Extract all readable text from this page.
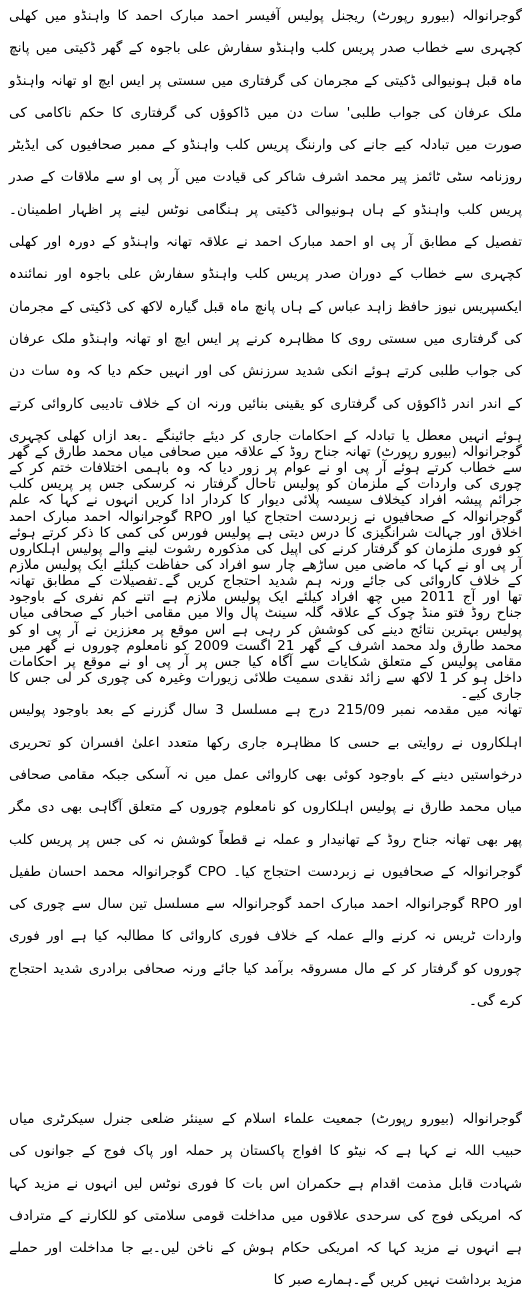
گوجرانوالہ (بیورو رپورٹ) ریجنل پولیس آفیسر احمد مبارک احمد کا واہنڈو میں کھلی کچہری سے خطاب صدر پریس کلب واہنڈو سفارش علی باجوہ کے گھر ڈکیتی میں پانچ ماہ قبل ہونیوالی ڈکیتی کے مجرمان کی گرفتاری میں سستی پر ایس ایچ او تھانہ واہنڈو ملک عرفان کی جواب طلبی' سات دن میں ڈاکوؤں کی گرفتاری کا حکم ناکامی کی صورت میں تبادلہ کیے جانے کی وارننگ پریس کلب واہنڈو کے ممبر صحافیوں کی ایڈیٹر روزنامہ سٹی ٹائمز پیر محمد اشرف شاکر کی قیادت میں آر پی او سے ملاقات کے صدر پریس کلب واہنڈو کے ہاں ہونیوالی ڈکیتی پر ہنگامی نوٹس لینے پر اظہار اطمینان۔تفصیل کے مطابق آر پی او احمد مبارک احمد نے علاقہ تھانہ واہنڈو کے دورہ اور کھلی کچہری سے خطاب کے دوران صدر پریس کلب واہنڈو سفارش علی باجوہ اور نمائندہ ایکسپریس نیوز حافظ زاہد عباس کے ہاں پانچ ماہ قبل گیارہ لاکھ کی ڈکیتی کے مجرمان کی گرفتاری میں سستی روی کا مظاہرہ کرنے پر ایس ایچ او تھانہ واہنڈو ملک عرفان کی جواب طلبی کرتے ہوئے انکی شدید سرزنش کی اور انہیں حکم دیا کہ وہ سات دن کے اندر اندر ڈاکوؤں کی گرفتاری کو یقینی بنائیں ورنہ ان کے خلاف تادیبی کاروائی کرتے ہوئے انہیں معطل یا تبادلہ کے احکامات جاری کر دیئے جائینگے ۔بعد ازاں کھلی کچہری سے خطاب کرتے ہوئے آر پی او نے عوام پر زور دیا کہ وہ باہمی اختلافات ختم کر کے جرائم پیشہ افراد کیخلاف سیسہ پلائی دیوار کا کردار ادا کریں انہوں نے کہا کہ علم اخلاق اور جہالت شرانگیزی کا درس دیتی ہے پولیس فورس کی کمی کا ذکر کرتے ہوئے آر پی او نے کہا کہ ماضی میں ساڑھے چار سو افراد کی حفاظت کیلئے ایک پولیس ملازم تھا اور آج 2011 میں چھ افراد کیلئے ایک پولیس ملازم ہے اتنے کم نفری کے باوجود پولیس بہترین نتائج دینے کی کوشش کر رہی ہے اس موقع پر معززین نے آر پی او کو مقامی پولیس کے متعلق شکایات سے آگاہ کیا جس پر آر پی او نے موقع پر احکامات جاری کیے۔

گوجرانوالہ (بیورو رپورٹ) تھانہ جناح روڈ کے علاقہ میں صحافی میاں محمد طارق کے گھر چوری کی واردات کے ملزمان کو پولیس تاحال گرفتار نہ کرسکی جس پر پریس کلب گوجرانوالہ کے صحافیوں نے زبردست احتجاج کیا اور RPO گوجرانوالہ احمد مبارک احمد کو فوری ملزمان کو گرفتار کرنے کی اپیل کی مذکورہ رشوت لینے والے پولیس اہلکاروں کے خلاف کاروائی کی جائے ورنہ ہم شدید احتجاج کریں گے۔تفصیلات کے مطابق تھانہ جناح روڈ فتو منڈ چوک کے علاقہ گلہ سینٹ پال والا میں مقامی اخبار کے صحافی میاں محمد طارق ولد محمد اشرف کے گھر 21 اگست 2009 کو نامعلوم چوروں نے گھر میں داخل ہو کر 1 لاکھ سے زائد نقدی سمیت طلائی زیورات وغیرہ کی چوری کر لی جس کا تھانہ میں مقدمہ نمبر 215/09 درج ہے مسلسل 3 سال گزرنے کے بعد باوجود پولیس اہلکاروں نے روایتی بے حسی کا مظاہرہ جاری رکھا متعدد اعلیٰ افسران کو تحریری درخواستیں دینے کے باوجود کوئی بھی کاروائی عمل میں نہ آسکی جبکہ مقامی صحافی میاں محمد طارق نے پولیس اہلکاروں کو نامعلوم چوروں کے متعلق آگاہی بھی دی مگر پھر بھی تھانہ جناح روڈ کے تھانیدار و عملہ نے قطعاً کوشش نہ کی جس پر پریس کلب گوجرانوالہ کے صحافیوں نے زبردست احتجاج کیا۔ CPO گوجرانوالہ محمد احسان طفیل اور RPO گوجرانوالہ احمد مبارک احمد گوجرانوالہ سے مسلسل تین سال سے چوری کی واردات ٹریس نہ کرنے والے عملہ کے خلاف فوری کاروائی کا مطالبہ کیا ہے اور فوری چوروں کو گرفتار کر کے مال مسروقہ برآمد کیا جائے ورنہ صحافی برادری شدید احتجاج کرے گی۔

گوجرانوالہ (بیورو رپورٹ) جمعیت علماء اسلام کے سینئر ضلعی جنرل سیکرٹری میاں حبیب اللہ نے کہا ہے کہ نیٹو کا افواج پاکستان پر حملہ اور پاک فوج کے جوانوں کی شہادت قابل مذمت اقدام ہے حکمران اس بات کا فوری نوٹس لیں انہوں نے مزید کہا کہ امریکی فوج کی سرحدی علاقوں میں مداخلت قومی سلامتی کو للکارنے کے مترادف ہے انہوں نے مزید کہا کہ امریکی حکام ہوش کے ناخن لیں۔بے جا مداخلت اور حملے مزید برداشت نہیں کریں گے۔ہمارے صبر کا
